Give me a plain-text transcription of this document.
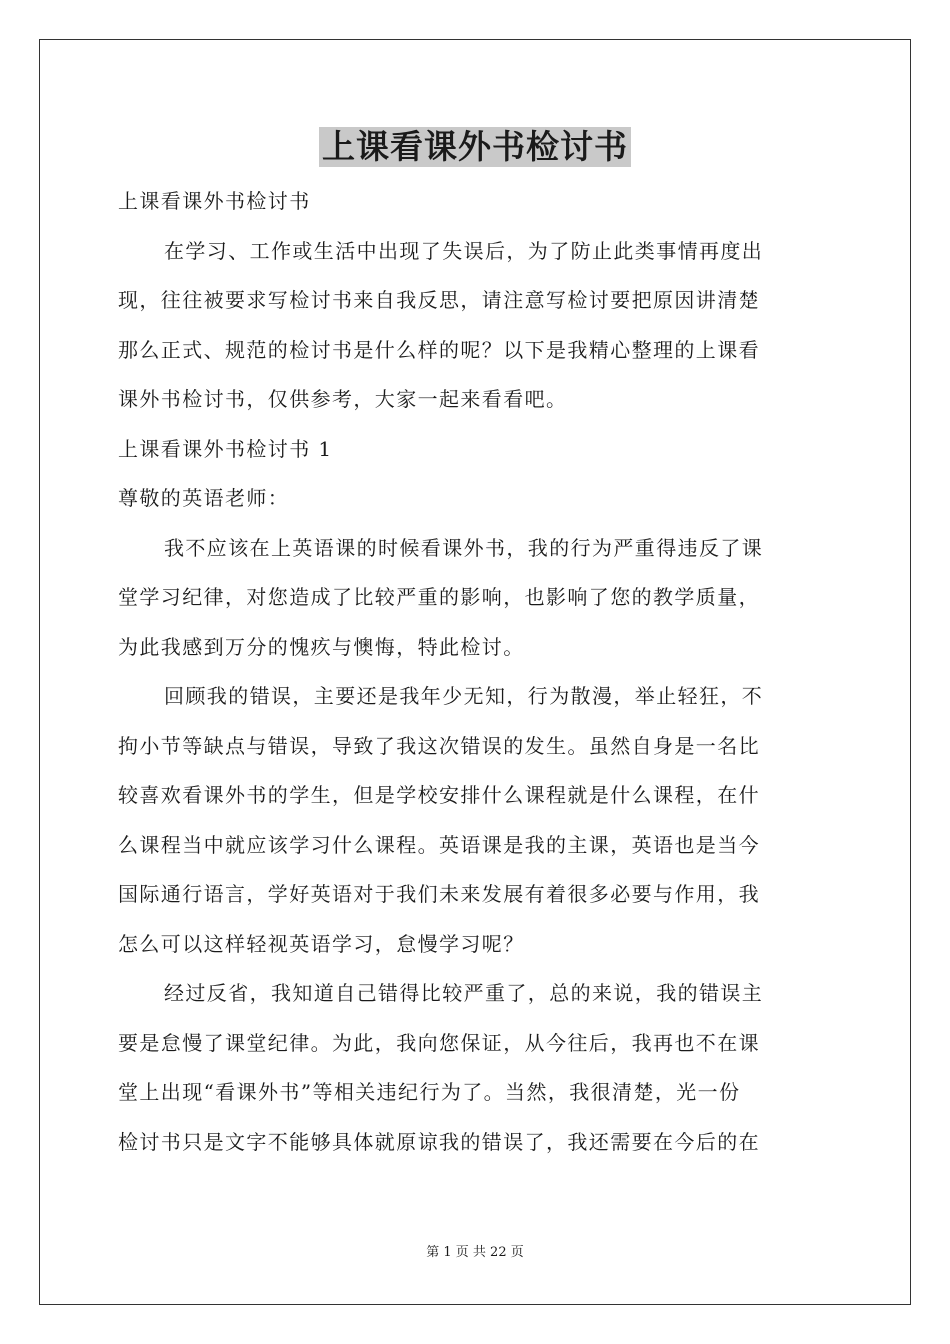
上课看课外书检讨书
上课看课外书检讨书
在学习、工作或生活中出现了失误后，为了防止此类事情再度出
现，往往被要求写检讨书来自我反思，请注意写检讨要把原因讲清楚
那么正式、规范的检讨书是什么样的呢？以下是我精心整理的上课看
课外书检讨书，仅供参考，大家一起来看看吧。
上课看课外书检讨书 1
尊敬的英语老师：
我不应该在上英语课的时候看课外书，我的行为严重得违反了课
堂学习纪律，对您造成了比较严重的影响，也影响了您的教学质量，
为此我感到万分的愧疚与懊悔，特此检讨。
回顾我的错误，主要还是我年少无知，行为散漫，举止轻狂，不
拘小节等缺点与错误，导致了我这次错误的发生。虽然自身是一名比
较喜欢看课外书的学生，但是学校安排什么课程就是什么课程，在什
么课程当中就应该学习什么课程。英语课是我的主课，英语也是当今
国际通行语言，学好英语对于我们未来发展有着很多必要与作用，我
怎么可以这样轻视英语学习，怠慢学习呢？
经过反省，我知道自己错得比较严重了，总的来说，我的错误主
要是怠慢了课堂纪律。为此，我向您保证，从今往后，我再也不在课
堂上出现“看课外书”等相关违纪行为了。当然，我很清楚，光一份
检讨书只是文字不能够具体就原谅我的错误了，我还需要在今后的在
第 1 页 共 22 页
